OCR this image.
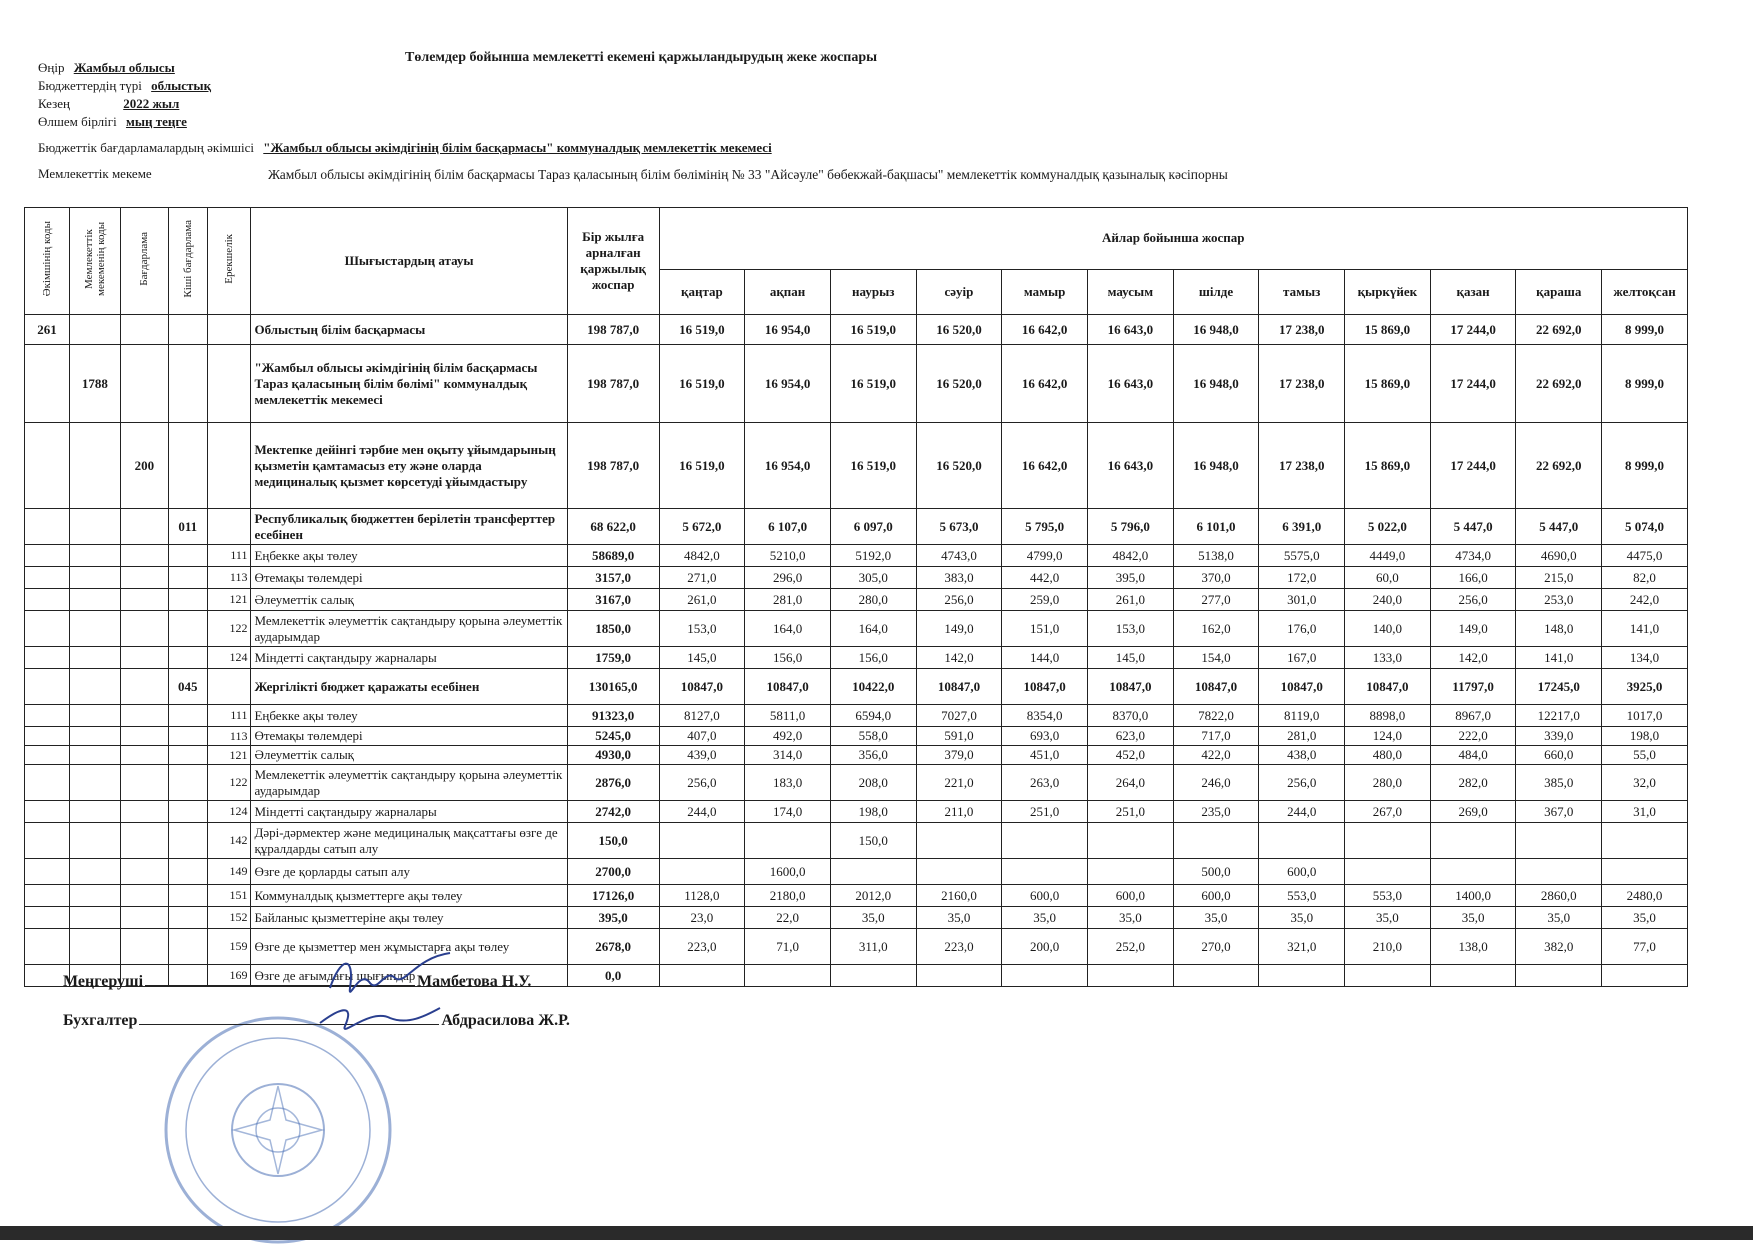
Төлемдер бойынша мемлекетті екемені қаржыландырудың жеке жоспары
Өңір Жамбыл облысы
Бюджеттердің түрі облыстық
Кезең	2022 жыл
Өлшем бірлігі мың теңге
Бюджеттік бағдарламалардың әкімшісі "Жамбыл облысы әкімдігінің білім басқармасы" коммуналдық мемлекеттік мекемесі
Мемлекеттік мекеме	Жамбыл облысы әкімдігінің білім басқармасы Тараз қаласының білім бөлімінің № 33 "Айсәуле" бөбекжай-бақшасы" мемлекеттік коммуналдық қазыналық кәсіпорны
Әкімшінің коды	Мемлекеттік мекеменің коды	Бағдарлама	Кіші бағдарлама	Ерекшелік	Шығыстардың атауы	Бір жылға арналған қаржылық жоспар	Айлар бойынша жоспар											
							қаңтар	ақпан	наурыз	сәуір	мамыр	маусым	шілде	тамыз	қыркүйек	қазан	қараша	желтоқсан
261					Облыстың білім басқармасы	198 787,0	16 519,0	16 954,0	16 519,0	16 520,0	16 642,0	16 643,0	16 948,0	17 238,0	15 869,0	17 244,0	22 692,0	8 999,0
	1788				"Жамбыл облысы әкімдігінің білім басқармасы Тараз қаласының білім бөлімі" коммуналдық мемлекеттік мекемесі	198 787,0	16 519,0	16 954,0	16 519,0	16 520,0	16 642,0	16 643,0	16 948,0	17 238,0	15 869,0	17 244,0	22 692,0	8 999,0
		200			Мектепке дейінгі тәрбие мен оқыту ұйымдарының қызметін қамтамасыз ету және оларда медициналық қызмет көрсетуді ұйымдастыру	198 787,0	16 519,0	16 954,0	16 519,0	16 520,0	16 642,0	16 643,0	16 948,0	17 238,0	15 869,0	17 244,0	22 692,0	8 999,0
			011		Республикалық бюджеттен берілетін трансферттер есебінен	68 622,0	5 672,0	6 107,0	6 097,0	5 673,0	5 795,0	5 796,0	6 101,0	6 391,0	5 022,0	5 447,0	5 447,0	5 074,0
				111	Еңбекке ақы төлеу	58689,0	4842,0	5210,0	5192,0	4743,0	4799,0	4842,0	5138,0	5575,0	4449,0	4734,0	4690,0	4475,0
				113	Өтемақы төлемдері	3157,0	271,0	296,0	305,0	383,0	442,0	395,0	370,0	172,0	60,0	166,0	215,0	82,0
				121	Әлеуметтік салық	3167,0	261,0	281,0	280,0	256,0	259,0	261,0	277,0	301,0	240,0	256,0	253,0	242,0
				122	Мемлекеттік әлеуметтік сақтандыру қорына әлеуметтік аударымдар	1850,0	153,0	164,0	164,0	149,0	151,0	153,0	162,0	176,0	140,0	149,0	148,0	141,0
				124	Міндетті сақтандыру жарналары	1759,0	145,0	156,0	156,0	142,0	144,0	145,0	154,0	167,0	133,0	142,0	141,0	134,0
			045		Жергілікті бюджет қаражаты есебінен	130165,0	10847,0	10847,0	10422,0	10847,0	10847,0	10847,0	10847,0	10847,0	10847,0	11797,0	17245,0	3925,0
				111	Еңбекке ақы төлеу	91323,0	8127,0	5811,0	6594,0	7027,0	8354,0	8370,0	7822,0	8119,0	8898,0	8967,0	12217,0	1017,0
				113	Өтемақы төлемдері	5245,0	407,0	492,0	558,0	591,0	693,0	623,0	717,0	281,0	124,0	222,0	339,0	198,0
				121	Әлеуметтік салық	4930,0	439,0	314,0	356,0	379,0	451,0	452,0	422,0	438,0	480,0	484,0	660,0	55,0
				122	Мемлекеттік әлеуметтік сақтандыру қорына әлеуметтік аударымдар	2876,0	256,0	183,0	208,0	221,0	263,0	264,0	246,0	256,0	280,0	282,0	385,0	32,0
				124	Міндетті сақтандыру жарналары	2742,0	244,0	174,0	198,0	211,0	251,0	251,0	235,0	244,0	267,0	269,0	367,0	31,0
				142	Дәрі-дәрмектер және медициналық мақсаттағы өзге де құралдарды сатып алу	150,0			150,0									
				149	Өзге де қорларды сатып алу	2700,0		1600,0					500,0	600,0				
				151	Коммуналдық қызметтерге ақы төлеу	17126,0	1128,0	2180,0	2012,0	2160,0	600,0	600,0	600,0	553,0	553,0	1400,0	2860,0	2480,0
				152	Байланыс қызметтеріне ақы төлеу	395,0	23,0	22,0	35,0	35,0	35,0	35,0	35,0	35,0	35,0	35,0	35,0	35,0
				159	Өзге де қызметтер мен жұмыстарға ақы төлеу	2678,0	223,0	71,0	311,0	223,0	200,0	252,0	270,0	321,0	210,0	138,0	382,0	77,0
				169	Өзге де ағымдағы шығындар	0,0												
Меңгеруші	Мамбетова Н.У.
Бухгалтер	Абдрасилова Ж.Р.
